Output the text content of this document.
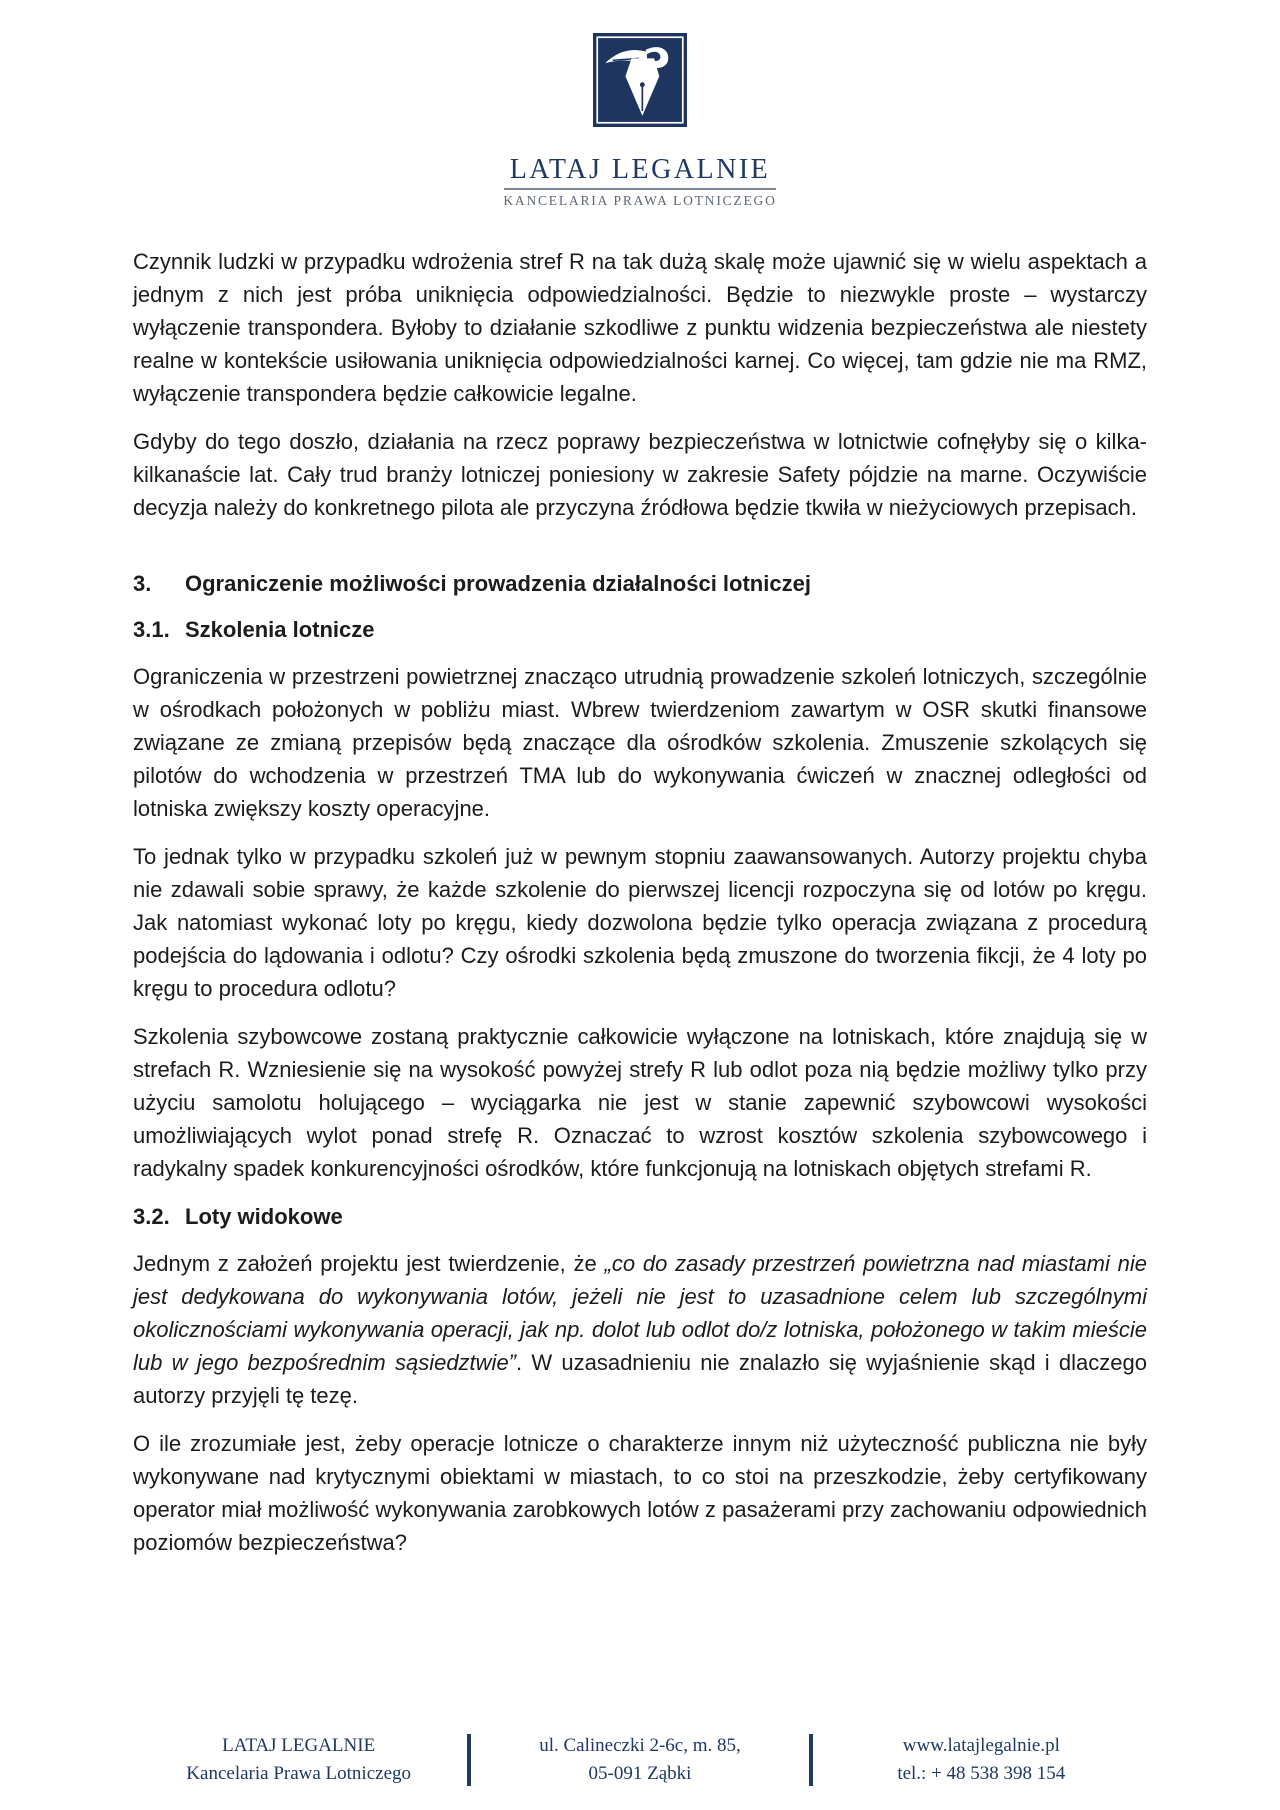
LATAJ LEGALNIE
KANCELARIA PRAWA LOTNICZEGO

Czynnik ludzki w przypadku wdrożenia stref R na tak dużą skalę może ujawnić się w wielu aspektach a jednym z nich jest próba uniknięcia odpowiedzialności. Będzie to niezwykle proste – wystarczy wyłączenie transpondera. Byłoby to działanie szkodliwe z punktu widzenia bezpieczeństwa ale niestety realne w kontekście usiłowania uniknięcia odpowiedzialności karnej. Co więcej, tam gdzie nie ma RMZ, wyłączenie transpondera będzie całkowicie legalne.

Gdyby do tego doszło, działania na rzecz poprawy bezpieczeństwa w lotnictwie cofnęłyby się o kilka-kilkanaście lat. Cały trud branży lotniczej poniesiony w zakresie Safety pójdzie na marne. Oczywiście decyzja należy do konkretnego pilota ale przyczyna źródłowa będzie tkwiła w nieżyciowych przepisach.

3. Ograniczenie możliwości prowadzenia działalności lotniczej
3.1. Szkolenia lotnicze

Ograniczenia w przestrzeni powietrznej znacząco utrudnią prowadzenie szkoleń lotniczych, szczególnie w ośrodkach położonych w pobliżu miast. Wbrew twierdzeniom zawartym w OSR skutki finansowe związane ze zmianą przepisów będą znaczące dla ośrodków szkolenia. Zmuszenie szkolących się pilotów do wchodzenia w przestrzeń TMA lub do wykonywania ćwiczeń w znacznej odległości od lotniska zwiększy koszty operacyjne.

To jednak tylko w przypadku szkoleń już w pewnym stopniu zaawansowanych. Autorzy projektu chyba nie zdawali sobie sprawy, że każde szkolenie do pierwszej licencji rozpoczyna się od lotów po kręgu. Jak natomiast wykonać loty po kręgu, kiedy dozwolona będzie tylko operacja związana z procedurą podejścia do lądowania i odlotu? Czy ośrodki szkolenia będą zmuszone do tworzenia fikcji, że 4 loty po kręgu to procedura odlotu?

Szkolenia szybowcowe zostaną praktycznie całkowicie wyłączone na lotniskach, które znajdują się w strefach R. Wzniesienie się na wysokość powyżej strefy R lub odlot poza nią będzie możliwy tylko przy użyciu samolotu holującego – wyciągarka nie jest w stanie zapewnić szybowcowi wysokości umożliwiających wylot ponad strefę R. Oznaczać to wzrost kosztów szkolenia szybowcowego i radykalny spadek konkurencyjności ośrodków, które funkcjonują na lotniskach objętych strefami R.

3.2. Loty widokowe

Jednym z założeń projektu jest twierdzenie, że „co do zasady przestrzeń powietrzna nad miastami nie jest dedykowana do wykonywania lotów, jeżeli nie jest to uzasadnione celem lub szczególnymi okolicznościami wykonywania operacji, jak np. dolot lub odlot do/z lotniska, położonego w takim mieście lub w jego bezpośrednim sąsiedztwie”. W uzasadnieniu nie znalazło się wyjaśnienie skąd i dlaczego autorzy przyjęli tę tezę.

O ile zrozumiałe jest, żeby operacje lotnicze o charakterze innym niż użyteczność publiczna nie były wykonywane nad krytycznymi obiektami w miastach, to co stoi na przeszkodzie, żeby certyfikowany operator miał możliwość wykonywania zarobkowych lotów z pasażerami przy zachowaniu odpowiednich poziomów bezpieczeństwa?

LATAJ LEGALNIE
Kancelaria Prawa Lotniczego
ul. Calineczki 2-6c, m. 85,
05-091 Ząbki
www.latajlegalnie.pl
tel.: + 48 538 398 154
